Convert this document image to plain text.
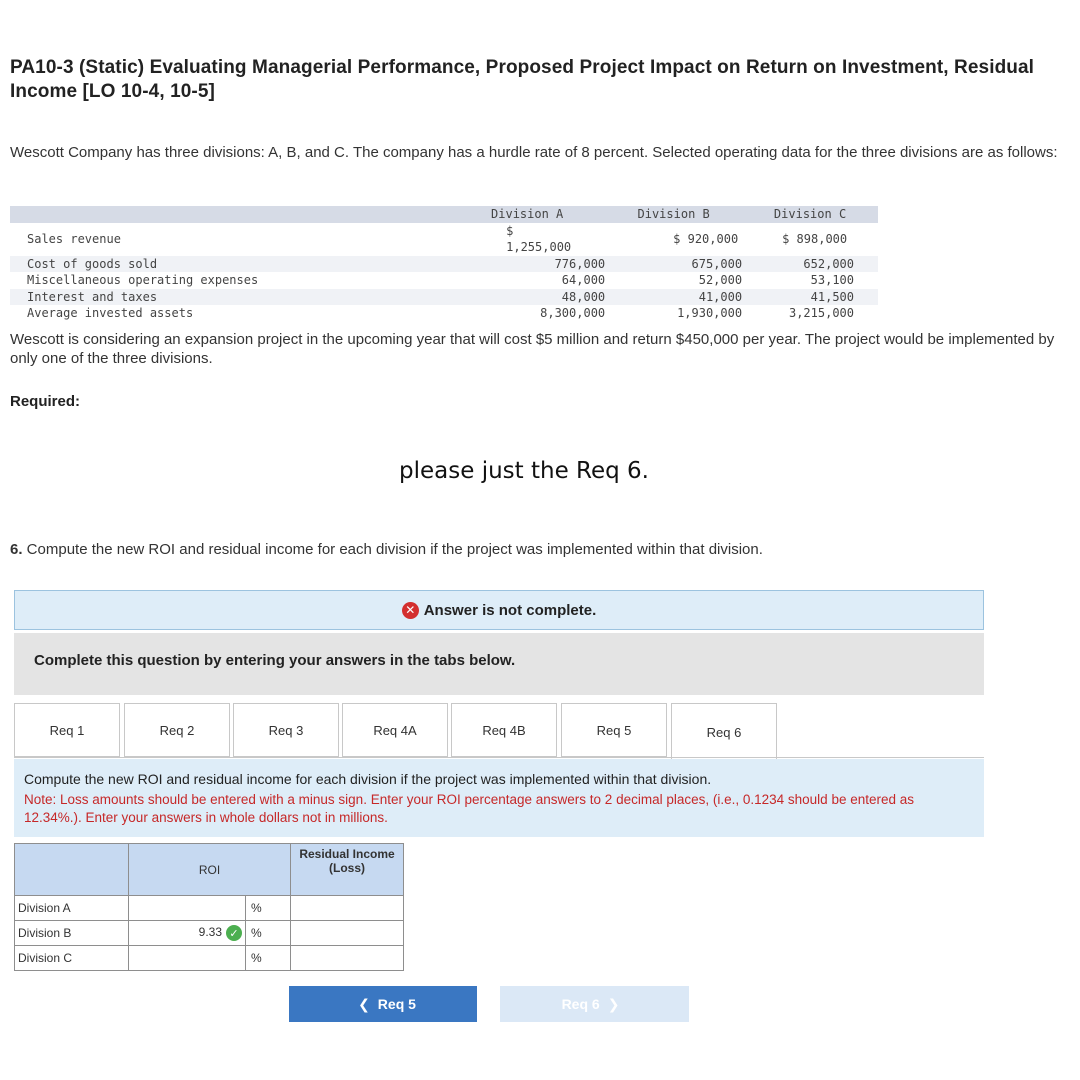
PA10-3 (Static) Evaluating Managerial Performance, Proposed Project Impact on Return on Investment, Residual Income [LO 10-4, 10-5]
Wescott Company has three divisions: A, B, and C. The company has a hurdle rate of 8 percent. Selected operating data for the three divisions are as follows:
	Division A	Division B	Division C
Sales revenue	$ 1,255,000	$ 920,000	$ 898,000
Cost of goods sold	776,000	675,000	652,000
Miscellaneous operating expenses	64,000	52,000	53,100
Interest and taxes	48,000	41,000	41,500
Average invested assets	8,300,000	1,930,000	3,215,000
Wescott is considering an expansion project in the upcoming year that will cost $5 million and return $450,000 per year. The project would be implemented by only one of the three divisions.
Required:
please just the Req 6.
6. Compute the new ROI and residual income for each division if the project was implemented within that division.
✕ Answer is not complete.
Complete this question by entering your answers in the tabs below.
Req 1	Req 2	Req 3	Req 4A	Req 4B	Req 5	Req 6
Compute the new ROI and residual income for each division if the project was implemented within that division.
Note: Loss amounts should be entered with a minus sign. Enter your ROI percentage answers to 2 decimal places, (i.e., 0.1234 should be entered as 12.34%.). Enter your answers in whole dollars not in millions.
	ROI		Residual Income (Loss)
Division A		%	
Division B	9.33 ✓	%	
Division C		%	
❮ Req 5	Req 6 ❯
